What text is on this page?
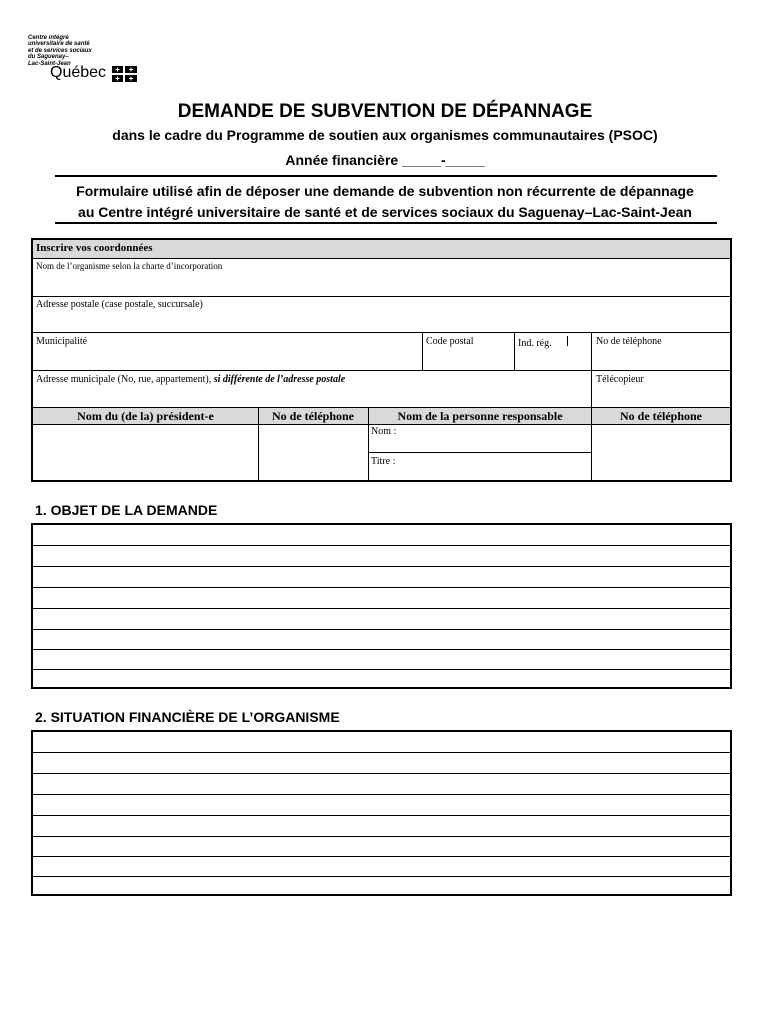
Centre intégré
universitaire de santé
et de services sociaux
du Saguenay–
Lac-Saint-Jean
Québec
DEMANDE DE SUBVENTION DE DÉPANNAGE
dans le cadre du Programme de soutien aux organismes communautaires (PSOC)
Année financière _____-_____
Formulaire utilisé afin de déposer une demande de subvention non récurrente de dépannage
au Centre intégré universitaire de santé et de services sociaux du Saguenay–Lac-Saint-Jean
Inscrire vos coordonnées
Nom de l’organisme selon la charte d’incorporation
Adresse postale (case postale, succursale)
Municipalité	Code postal	Ind. rég.	No de téléphone
Adresse municipale (No, rue, appartement), si différente de l’adresse postale	Télécopieur
Nom du (de la) président-e	No de téléphone	Nom de la personne responsable	No de téléphone
Nom :
Titre :
1. OBJET DE LA DEMANDE
2. SITUATION FINANCIÈRE DE L’ORGANISME
